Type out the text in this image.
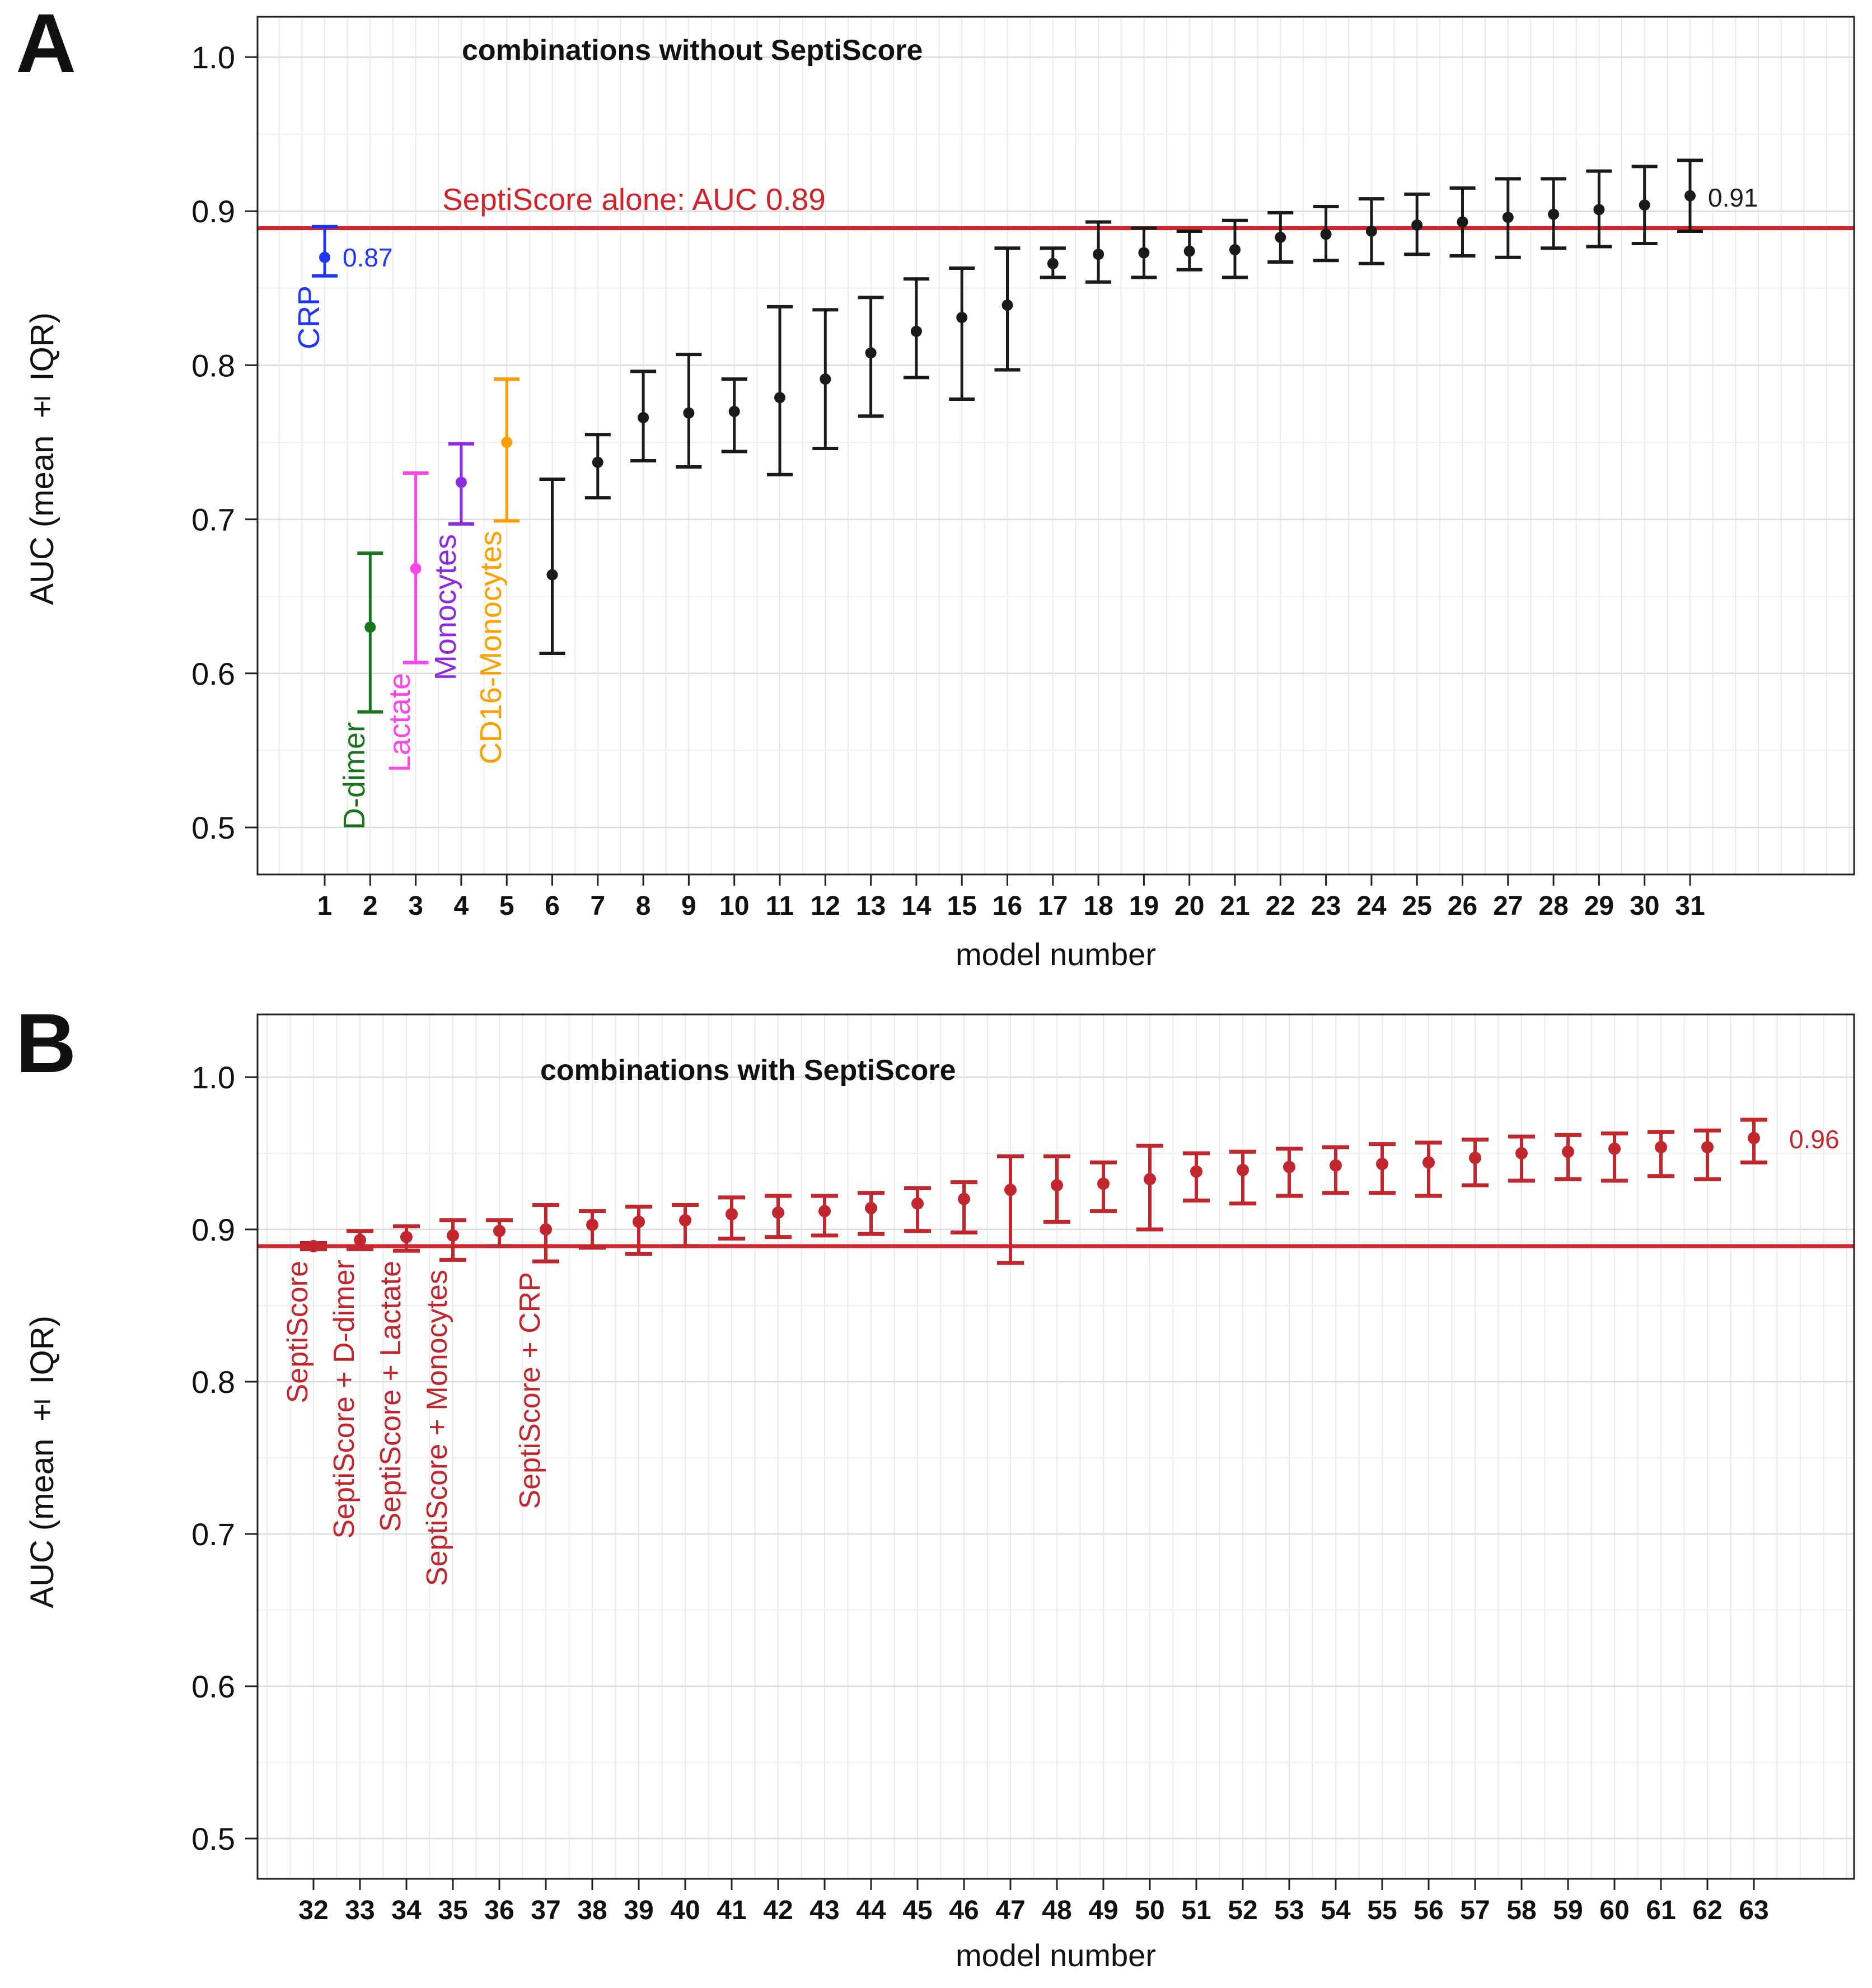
1 2 3 4 5 6 7 8 9 10 11 12 13 14 15 16 17 18 19 20 21 22 23 24 25 26 27 28 29 30 31
1.0
0.9
0.8
0.7
0.6
0.5
32 33 34 35 36 37 38 39 40 41 42 43 44 45 46 47 48 49 50 51 52 53 54 55 56 57 58 59 60 61 62 63
1.0
0.9
0.8
0.7
0.6
0.5
A	combinations without SeptiScore
SeptiScore alone: AUC 0.89
AUC (mean ± IQR)
model number
0.87
0.91
CRP
D-dimer Lactate
Monocytes CD16-Monocytes
B	combinations with SeptiScore
AUC (mean ± IQR)
model number
0.96
SeptiScore SeptiScore + D-dimer SeptiScore + Lactate SeptiScore + Monocytes SeptiScore + CRP
